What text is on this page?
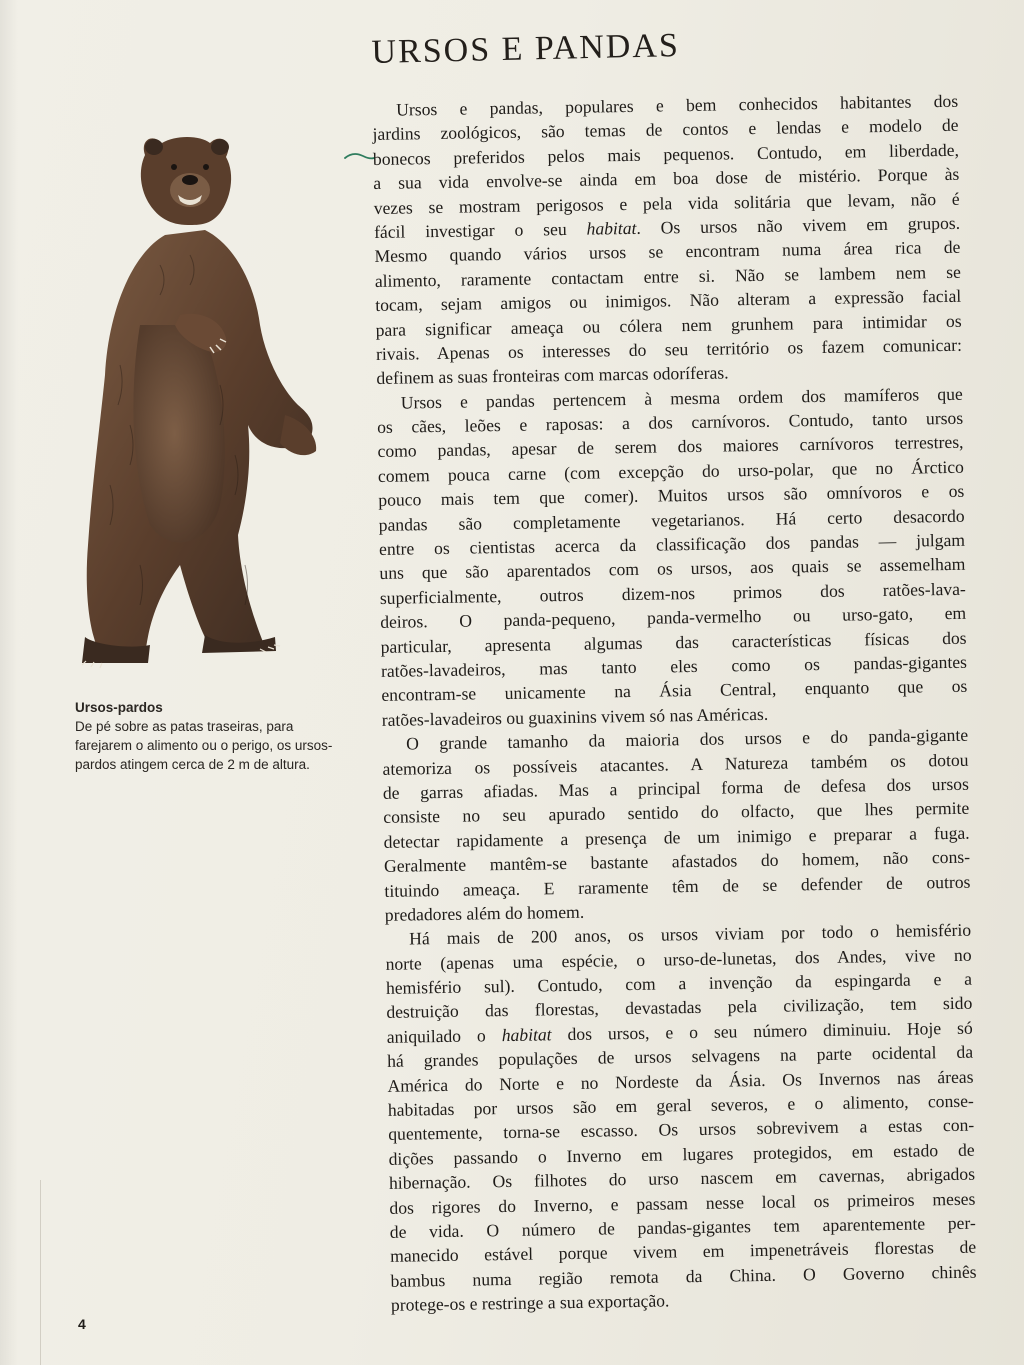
Ursos-pardos
De pé sobre as patas traseiras, para farejarem o alimento ou o perigo, os ursos-pardos atingem cerca de 2 m de altura.
URSOS E PANDAS
Ursos e pandas, populares e bem conhecidos habitantes dos
jardins zoológicos, são temas de contos e lendas e modelo de
bonecos preferidos pelos mais pequenos. Contudo, em liberdade,
a sua vida envolve-se ainda em boa dose de mistério. Porque às
vezes se mostram perigosos e pela vida solitária que levam, não é
fácil investigar o seu habitat. Os ursos não vivem em grupos.
Mesmo quando vários ursos se encontram numa área rica de
alimento, raramente contactam entre si. Não se lambem nem se
tocam, sejam amigos ou inimigos. Não alteram a expressão facial
para significar ameaça ou cólera nem grunhem para intimidar os
rivais. Apenas os interesses do seu território os fazem comunicar:
definem as suas fronteiras com marcas odoríferas.
Ursos e pandas pertencem à mesma ordem dos mamíferos que
os cães, leões e raposas: a dos carnívoros. Contudo, tanto ursos
como pandas, apesar de serem dos maiores carnívoros terrestres,
comem pouca carne (com excepção do urso-polar, que no Árctico
pouco mais tem que comer). Muitos ursos são omnívoros e os
pandas são completamente vegetarianos. Há certo desacordo
entre os cientistas acerca da classificação dos pandas — julgam
uns que são aparentados com os ursos, aos quais se assemelham
superficialmente, outros dizem-nos primos dos ratões-lava-
deiros. O panda-pequeno, panda-vermelho ou urso-gato, em
particular, apresenta algumas das características físicas dos
ratões-lavadeiros, mas tanto eles como os pandas-gigantes
encontram-se unicamente na Ásia Central, enquanto que os
ratões-lavadeiros ou guaxinins vivem só nas Américas.
O grande tamanho da maioria dos ursos e do panda-gigante
atemoriza os possíveis atacantes. A Natureza também os dotou
de garras afiadas. Mas a principal forma de defesa dos ursos
consiste no seu apurado sentido do olfacto, que lhes permite
detectar rapidamente a presença de um inimigo e preparar a fuga.
Geralmente mantêm-se bastante afastados do homem, não cons-
tituindo ameaça. E raramente têm de se defender de outros
predadores além do homem.
Há mais de 200 anos, os ursos viviam por todo o hemisfério
norte (apenas uma espécie, o urso-de-lunetas, dos Andes, vive no
hemisfério sul). Contudo, com a invenção da espingarda e a
destruição das florestas, devastadas pela civilização, tem sido
aniquilado o habitat dos ursos, e o seu número diminuiu. Hoje só
há grandes populações de ursos selvagens na parte ocidental da
América do Norte e no Nordeste da Ásia. Os Invernos nas áreas
habitadas por ursos são em geral severos, e o alimento, conse-
quentemente, torna-se escasso. Os ursos sobrevivem a estas con-
dições passando o Inverno em lugares protegidos, em estado de
hibernação. Os filhotes do urso nascem em cavernas, abrigados
dos rigores do Inverno, e passam nesse local os primeiros meses
de vida. O número de pandas-gigantes tem aparentemente per-
manecido estável porque vivem em impenetráveis florestas de
bambus numa região remota da China. O Governo chinês
protege-os e restringe a sua exportação.
4
